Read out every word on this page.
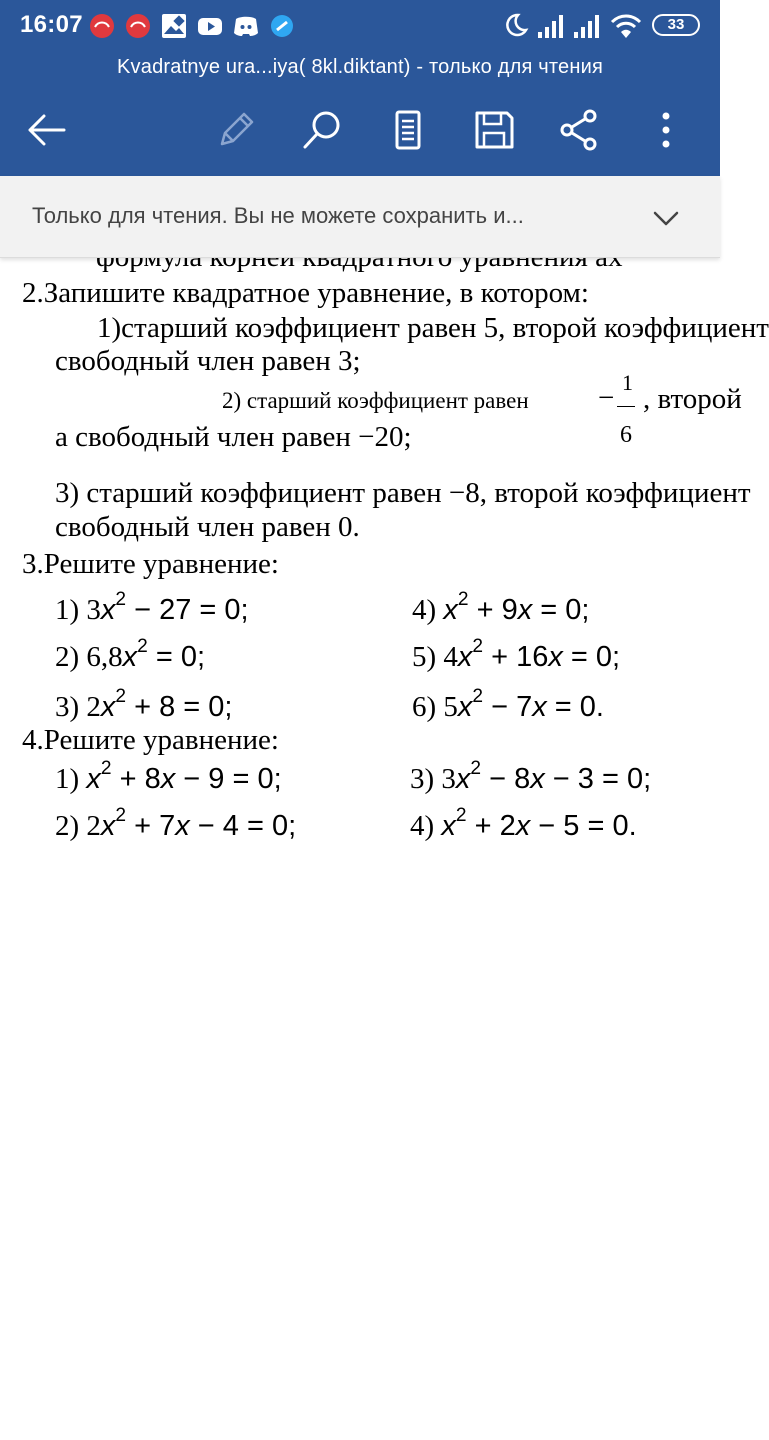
16:07	33
Kvadratnye ura...iya( 8kl.diktant) - только для чтения
Только для чтения. Вы не можете сохранить и...
2.Запишите квадратное уравнение, в котором:
1)старший коэффициент равен 5, второй коэффициент
свободный член равен 3;
2) старший коэффициент равен − 1
6
, второй
а свободный член равен −20;
3) старший коэффициент равен −8, второй коэффициент
свободный член равен 0.
3.Решите уравнение:
1) $3x^2 - 27 = 0$;
2) $6,8x^2 = 0$;
3) $2x^2 + 8 = 0$;
4) $x^2 + 9x = 0$;
5) $4x^2 + 16x = 0$;
6) $5x^2 - 7x = 0$.
4.Решите уравнение:
1) $x^2 + 8x - 9 = 0$;
2) $2x^2 + 7x - 4 = 0$;
3) $3x^2 - 8x - 3 = 0$;
4) $x^2 + 2x - 5 = 0$.
